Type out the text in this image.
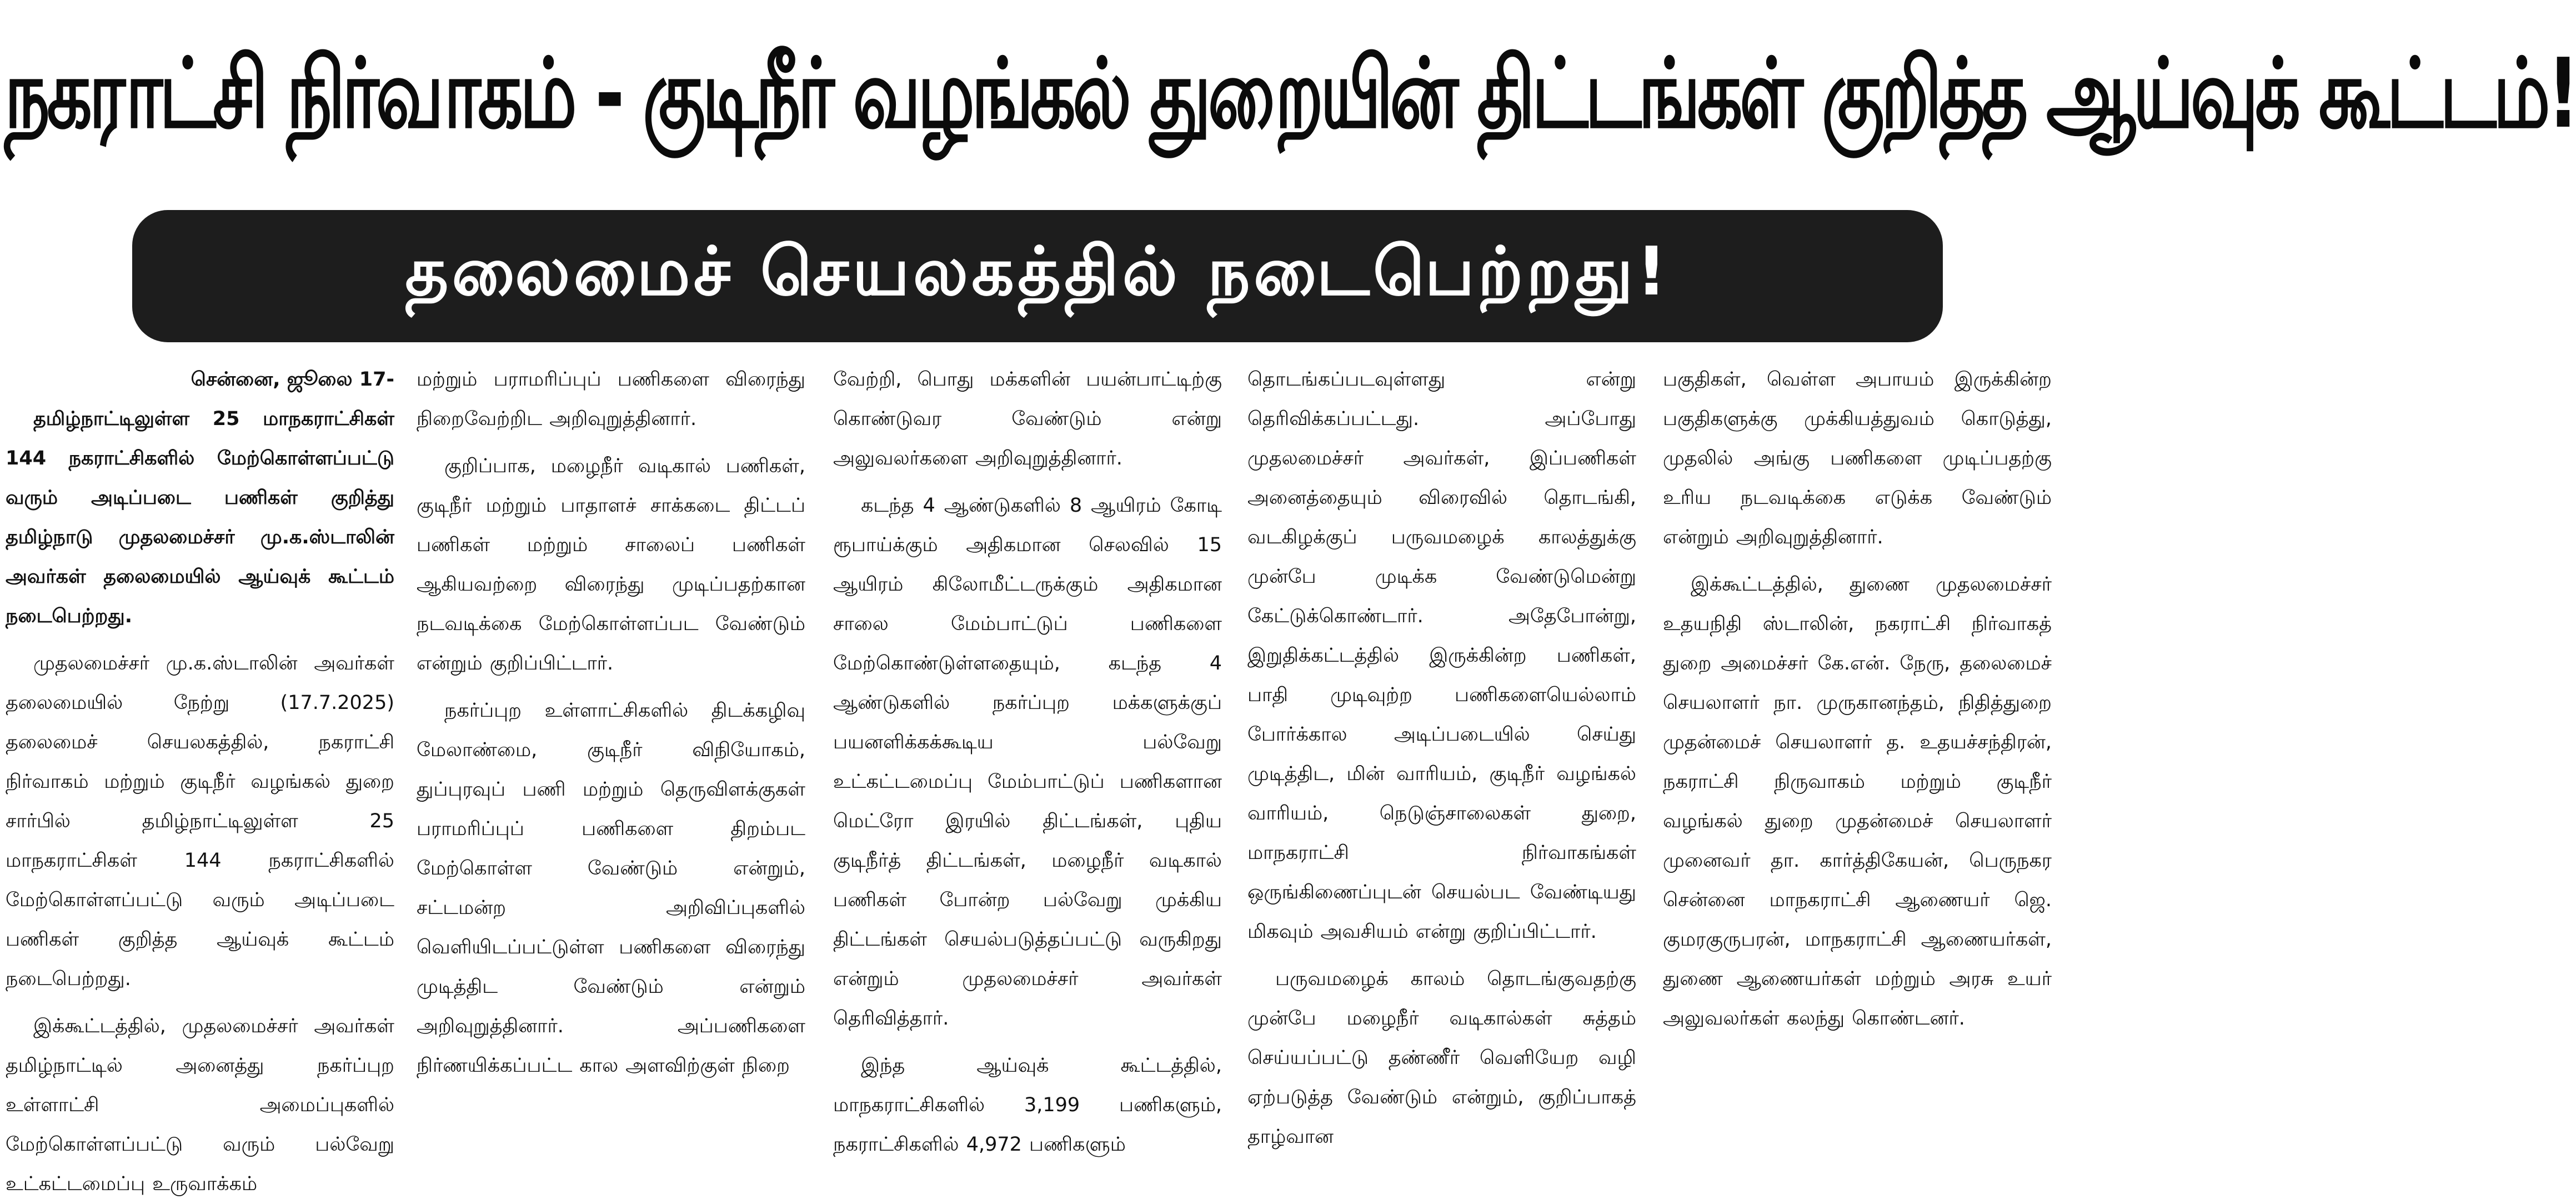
நகராட்சி நிர்வாகம் - குடிநீர் வழங்கல் துறையின் திட்டங்கள் குறித்த ஆய்வுக் கூட்டம்!
தலைமைச் செயலகத்தில் நடைபெற்றது!
சென்னை, ஜூலை 17-

தமிழ்நாட்டிலுள்ள 25 மாநகராட்சிகள் 144 நகராட்சிகளில் மேற்கொள்ளப்பட்டு வரும் அடிப்படை பணிகள் குறித்து தமிழ்நாடு முதலமைச்சர் மு.க.ஸ்டாலின் அவர்கள் தலைமையில் ஆய்வுக் கூட்டம் நடைபெற்றது.

முதலமைச்சர் மு.க.ஸ்டாலின் அவர்கள் தலைமையில் நேற்று (17.7.2025) தலைமைச் செயலகத்தில், நகராட்சி நிர்வாகம் மற்றும் குடிநீர் வழங்கல் துறை சார்பில் தமிழ்நாட்டிலுள்ள 25 மாநகராட்சிகள் 144 நகராட்சிகளில் மேற்கொள்ளப்பட்டு வரும் அடிப்படை பணிகள் குறித்த ஆய்வுக் கூட்டம் நடைபெற்றது.

இக்கூட்டத்தில், முதலமைச்சர் அவர்கள் தமிழ்நாட்டில் அனைத்து நகர்ப்புற உள்ளாட்சி அமைப்புகளில் மேற்கொள்ளப்பட்டு வரும் பல்வேறு உட்கட்டமைப்பு உருவாக்கம்

மற்றும் பராமரிப்புப் பணிகளை விரைந்து நிறைவேற்றிட அறிவுறுத்தினார்.

குறிப்பாக, மழைநீர் வடிகால் பணிகள், குடிநீர் மற்றும் பாதாளச் சாக்கடை திட்டப் பணிகள் மற்றும் சாலைப் பணிகள் ஆகியவற்றை விரைந்து முடிப்பதற்கான நடவடிக்கை மேற்கொள்ளப்பட வேண்டும் என்றும் குறிப்பிட்டார்.

நகர்ப்புற உள்ளாட்சிகளில் திடக்கழிவு மேலாண்மை, குடிநீர் விநியோகம், துப்புரவுப் பணி மற்றும் தெருவிளக்குகள் பராமரிப்புப் பணிகளை திறம்பட மேற்கொள்ள வேண்டும் என்றும், சட்டமன்ற அறிவிப்புகளில் வெளியிடப்பட்டுள்ள பணிகளை விரைந்து முடித்திட வேண்டும் என்றும் அறிவுறுத்தினார். அப்பணிகளை நிர்ணயிக்கப்பட்ட கால அளவிற்குள் நிறை

வேற்றி, பொது மக்களின் பயன்பாட்டிற்கு கொண்டுவர வேண்டும் என்று அலுவலர்களை அறிவுறுத்தினார்.

கடந்த 4 ஆண்டுகளில் 8 ஆயிரம் கோடி ரூபாய்க்கும் அதிகமான செலவில் 15 ஆயிரம் கிலோமீட்டருக்கும் அதிகமான சாலை மேம்பாட்டுப் பணிகளை மேற்கொண்டுள்ளதையும், கடந்த 4 ஆண்டுகளில் நகர்ப்புற மக்களுக்குப் பயனளிக்கக்கூடிய பல்வேறு உட்கட்டமைப்பு மேம்பாட்டுப் பணிகளான மெட்ரோ இரயில் திட்டங்கள், புதிய குடிநீர்த் திட்டங்கள், மழைநீர் வடிகால் பணிகள் போன்ற பல்வேறு முக்கிய திட்டங்கள் செயல்படுத்தப்பட்டு வருகிறது என்றும் முதலமைச்சர் அவர்கள் தெரிவித்தார்.

இந்த ஆய்வுக் கூட்டத்தில், மாநகராட்சிகளில் 3,199 பணிகளும், நகராட்சிகளில் 4,972 பணிகளும்

தொடங்கப்படவுள்ளது என்று தெரிவிக்கப்பட்டது. அப்போது முதலமைச்சர் அவர்கள், இப்பணிகள் அனைத்தையும் விரைவில் தொடங்கி, வடகிழக்குப் பருவமழைக் காலத்துக்கு முன்பே முடிக்க வேண்டுமென்று கேட்டுக்கொண்டார். அதேபோன்று, இறுதிக்கட்டத்தில் இருக்கின்ற பணிகள், பாதி முடிவுற்ற பணிகளையெல்லாம் போர்க்கால அடிப்படையில் செய்து முடித்திட, மின் வாரியம், குடிநீர் வழங்கல் வாரியம், நெடுஞ்சாலைகள் துறை, மாநகராட்சி நிர்வாகங்கள் ஒருங்கிணைப்புடன் செயல்பட வேண்டியது மிகவும் அவசியம் என்று குறிப்பிட்டார்.

பருவமழைக் காலம் தொடங்குவதற்கு முன்பே மழைநீர் வடிகால்கள் சுத்தம் செய்யப்பட்டு தண்ணீர் வெளியேற வழி ஏற்படுத்த வேண்டும் என்றும், குறிப்பாகத் தாழ்வான

பகுதிகள், வெள்ள அபாயம் இருக்கின்ற பகுதிகளுக்கு முக்கியத்துவம் கொடுத்து, முதலில் அங்கு பணிகளை முடிப்பதற்கு உரிய நடவடிக்கை எடுக்க வேண்டும் என்றும் அறிவுறுத்தினார்.

இக்கூட்டத்தில், துணை முதலமைச்சர் உதயநிதி ஸ்டாலின், நகராட்சி நிர்வாகத் துறை அமைச்சர் கே.என். நேரு, தலைமைச் செயலாளர் நா. முருகானந்தம், நிதித்துறை முதன்மைச் செயலாளர் த. உதயச்சந்திரன், நகராட்சி நிருவாகம் மற்றும் குடிநீர் வழங்கல் துறை முதன்மைச் செயலாளர் முனைவர் தா. கார்த்திகேயன், பெருநகர சென்னை மாநகராட்சி ஆணையர் ஜெ. குமரகுருபரன், மாநகராட்சி ஆணையர்கள், துணை ஆணையர்கள் மற்றும் அரசு உயர் அலுவலர்கள் கலந்து கொண்டனர்.
